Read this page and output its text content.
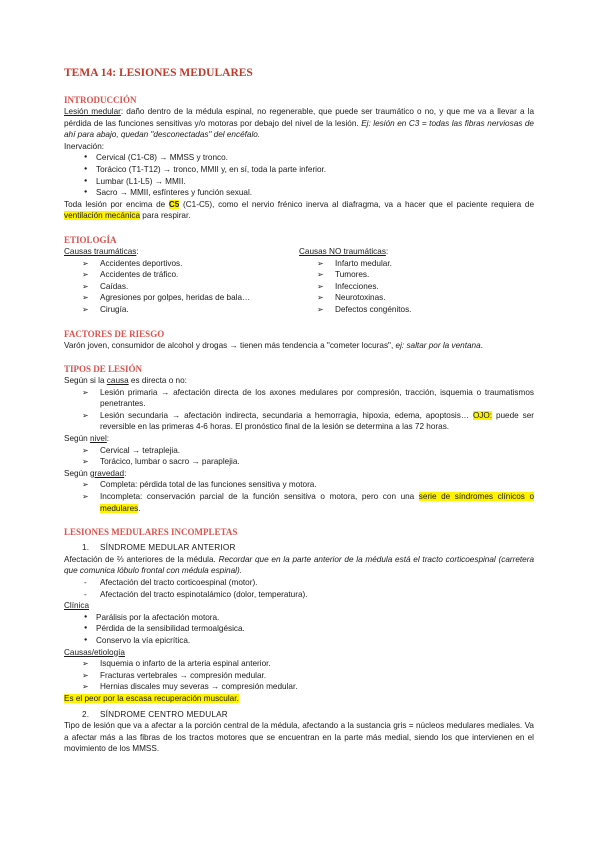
TEMA 14: LESIONES MEDULARES
INTRODUCCIÓN

Lesión medular: daño dentro de la médula espinal, no regenerable, que puede ser traumático o no, y que me va a llevar a la pérdida de las funciones sensitivas y/o motoras por debajo del nivel de la lesión. Ej: lesión en C3 = todas las fibras nerviosas de ahí para abajo, quedan "desconectadas" del encéfalo.

Inervación:

● Cervical (C1-C8) → MMSS y tronco.
● Torácico (T1-T12) → tronco, MMII y, en sí, toda la parte inferior.
● Lumbar (L1-L5) → MMII.
● Sacro → MMII, esfínteres y función sexual.

Toda lesión por encima de C5 (C1-C5), como el nervio frénico inerva al diafragma, va a hacer que el paciente requiera de ventilación mecánica para respirar.

ETIOLOGÍA

Causas traumáticas:

➢ Accidentes deportivos.
➢ Accidentes de tráfico.
➢ Caídas.
➢ Agresiones por golpes, heridas de bala…
➢ Cirugía.

Causas NO traumáticas:

➢ Infarto medular.
➢ Tumores.
➢ Infecciones.
➢ Neurotoxinas.
➢ Defectos congénitos.
FACTORES DE RIESGO

Varón joven, consumidor de alcohol y drogas → tienen más tendencia a "cometer locuras", ej: saltar por la ventana.

TIPOS DE LESIÓN

Según si la causa es directa o no:

➢ Lesión primaria → afectación directa de los axones medulares por compresión, tracción, isquemia o traumatismos penetrantes.
➢ Lesión secundaria → afectación indirecta, secundaria a hemorragia, hipoxia, edema, apoptosis… OJO: puede ser reversible en las primeras 4-6 horas. El pronóstico final de la lesión se determina a las 72 horas.

Según nivel:

➢ Cervical → tetraplejia.
➢ Torácico, lumbar o sacro → paraplejia.

Según gravedad:

➢ Completa: pérdida total de las funciones sensitiva y motora.
➢ Incompleta: conservación parcial de la función sensitiva o motora, pero con una serie de síndromes clínicos o medulares.
LESIONES MEDULARES INCOMPLETAS

1. SÍNDROME MEDULAR ANTERIOR

Afectación de ⅔ anteriores de la médula. Recordar que en la parte anterior de la médula está el tracto corticoespinal (carretera que comunica lóbulo frontal con médula espinal).

- Afectación del tracto corticoespinal (motor).
- Afectación del tracto espinotalámico (dolor, temperatura).

Clínica

● Parálisis por la afectación motora.
● Pérdida de la sensibilidad termoalgésica.
● Conservo la vía epicrítica.

Causas/etiología

➢ Isquemia o infarto de la arteria espinal anterior.
➢ Fracturas vertebrales → compresión medular.
➢ Hernias discales muy severas → compresión medular.

Es el peor por la escasa recuperación muscular.

2. SÍNDROME CENTRO MEDULAR

Tipo de lesión que va a afectar a la porción central de la médula, afectando a la sustancia gris = núcleos medulares mediales. Va a afectar más a las fibras de los tractos motores que se encuentran en la parte más medial, siendo los que intervienen en el movimiento de los MMSS.
